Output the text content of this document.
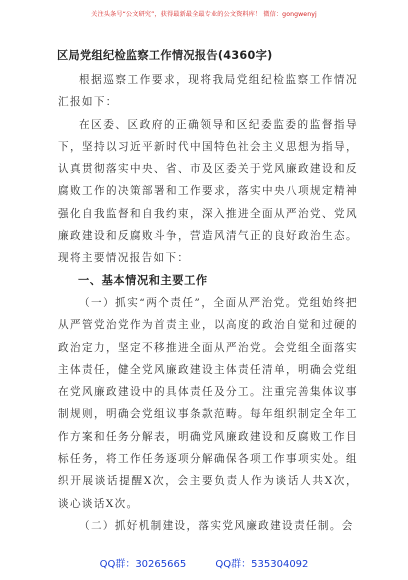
关注头条号“公文研究”，获得最新最全最专业的公文资料库！ 微信：gongwenyj
区局党组纪检监察工作情况报告(4360字)

根据巡察工作要求，现将我局党组纪检监察工作情况汇报如下：

在区委、区政府的正确领导和区纪委监委的监督指导下，坚持以习近平新时代中国特色社会主义思想为指导，认真贯彻落实中央、省、市及区委关于党风廉政建设和反腐败工作的决策部署和工作要求，落实中央八项规定精神强化自我监督和自我约束，深入推进全面从严治党、党风廉政建设和反腐败斗争，营造风清气正的良好政治生态。现将主要情况报告如下：

一、基本情况和主要工作

（一）抓实“两个责任”，全面从严治党。党组始终把从严管党治党作为首责主业，以高度的政治自觉和过硬的政治定力，坚定不移推进全面从严治党。会党组全面落实主体责任，健全党风廉政建设主体责任清单，明确会党组在党风廉政建设中的具体责任及分工。注重完善集体议事制规则，明确会党组议事条款范畴。每年组织制定全年工作方案和任务分解表，明确党风廉政建设和反腐败工作目标任务，将工作任务逐项分解确保各项工作事项实处。组织开展谈话提醒X次，会主要负责人作为谈话人共X次，谈心谈话X次。

（二）抓好机制建设，落实党风廉政建设责任制。会

QQ群：30265665	QQ群：535304092
